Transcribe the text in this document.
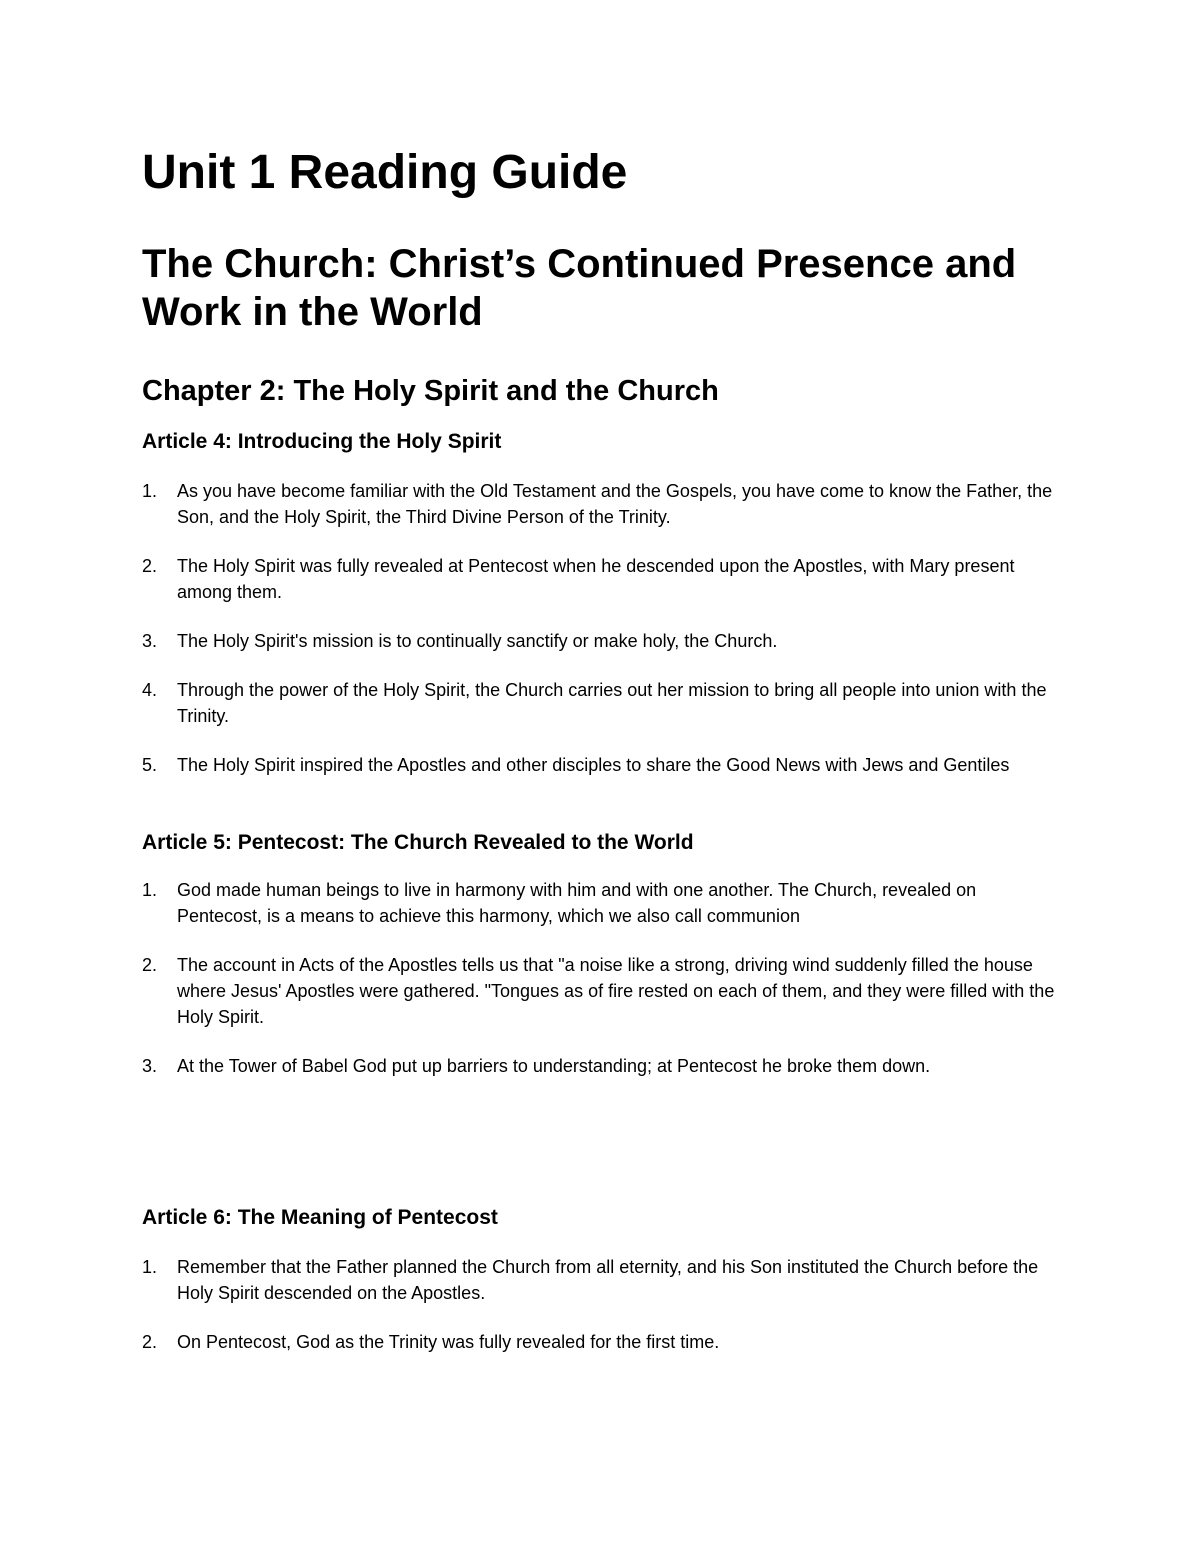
Unit 1 Reading Guide
The Church: Christ’s Continued Presence and Work in the World
Chapter 2: The Holy Spirit and the Church
Article 4: Introducing the Holy Spirit
1. As you have become familiar with the Old Testament and the Gospels, you have come to know the Father, the Son, and the Holy Spirit, the Third Divine Person of the Trinity.
2. The Holy Spirit was fully revealed at Pentecost when he descended upon the Apostles, with Mary present among them.
3. The Holy Spirit's mission is to continually sanctify or make holy, the Church.
4. Through the power of the Holy Spirit, the Church carries out her mission to bring all people into union with the Trinity.
5. The Holy Spirit inspired the Apostles and other disciples to share the Good News with Jews and Gentiles
Article 5: Pentecost: The Church Revealed to the World
1. God made human beings to live in harmony with him and with one another. The Church, revealed on Pentecost, is a means to achieve this harmony, which we also call communion
2. The account in Acts of the Apostles tells us that "a noise like a strong, driving wind suddenly filled the house where Jesus' Apostles were gathered. "Tongues as of fire rested on each of them, and they were filled with the Holy Spirit.
3. At the Tower of Babel God put up barriers to understanding; at Pentecost he broke them down.
Article 6: The Meaning of Pentecost
1. Remember that the Father planned the Church from all eternity, and his Son instituted the Church before the Holy Spirit descended on the Apostles.
2. On Pentecost, God as the Trinity was fully revealed for the first time.
